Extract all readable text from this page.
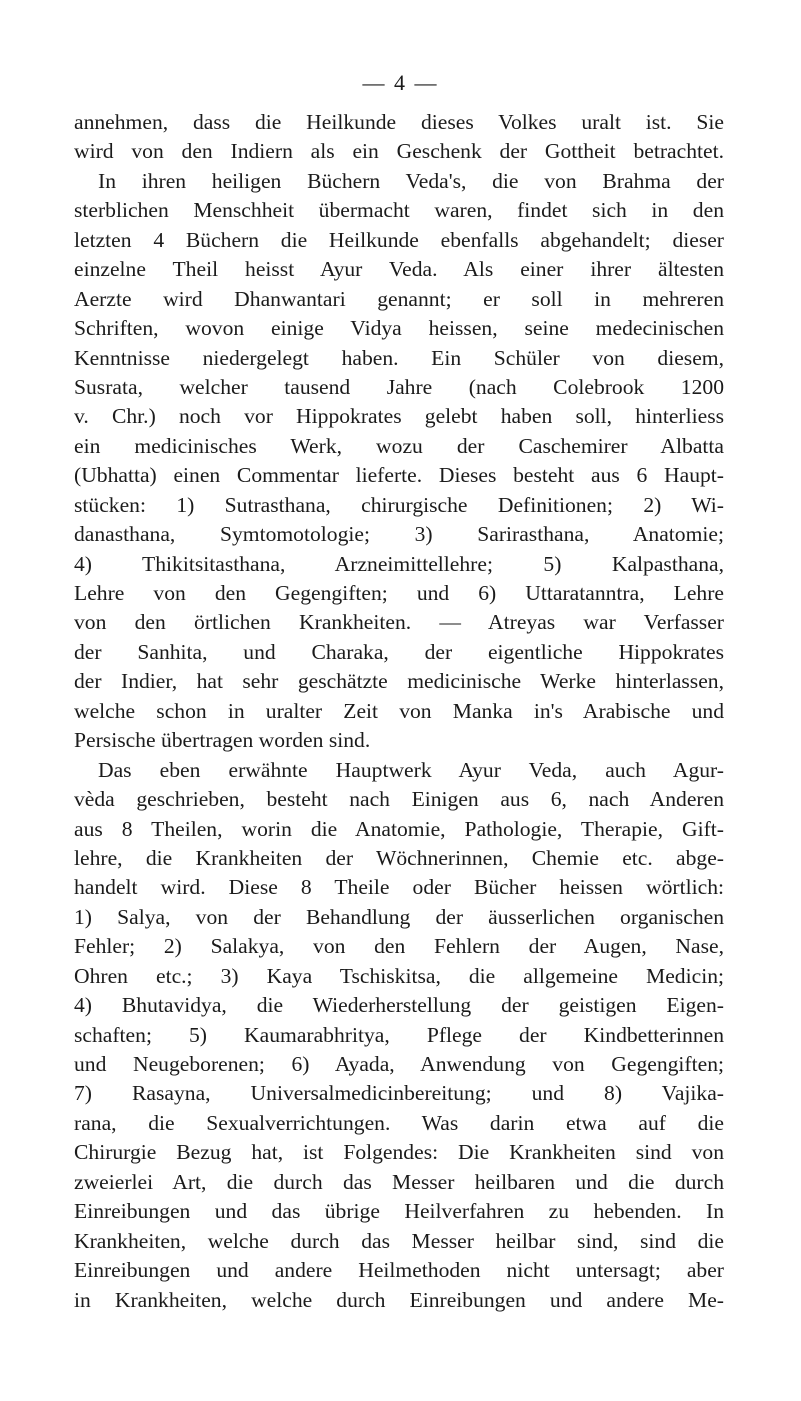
— 4 —
annehmen, dass die Heilkunde dieses Volkes uralt ist. Sie
wird von den Indiern als ein Geschenk der Gottheit betrachtet.
In ihren heiligen Büchern Veda's, die von Brahma der
sterblichen Menschheit übermacht waren, findet sich in den
letzten 4 Büchern die Heilkunde ebenfalls abgehandelt; dieser
einzelne Theil heisst Ayur Veda. Als einer ihrer ältesten
Aerzte wird Dhanwantari genannt; er soll in mehreren
Schriften, wovon einige Vidya heissen, seine medecinischen
Kenntnisse niedergelegt haben. Ein Schüler von diesem,
Susrata, welcher tausend Jahre (nach Colebrook 1200
v. Chr.) noch vor Hippokrates gelebt haben soll, hinterliess
ein medicinisches Werk, wozu der Caschemirer Albatta
(Ubhatta) einen Commentar lieferte. Dieses besteht aus 6 Haupt-
stücken: 1) Sutrasthana, chirurgische Definitionen; 2) Wi-
danasthana, Symtomotologie; 3) Sarirasthana, Anatomie;
4) Thikitsitasthana, Arzneimittellehre; 5) Kalpasthana,
Lehre von den Gegengiften; und 6) Uttaratanntra, Lehre
von den örtlichen Krankheiten. — Atreyas war Verfasser
der Sanhita, und Charaka, der eigentliche Hippokrates
der Indier, hat sehr geschätzte medicinische Werke hinterlassen,
welche schon in uralter Zeit von Manka in's Arabische und
Persische übertragen worden sind.
Das eben erwähnte Hauptwerk Ayur Veda, auch Agur-
vèda geschrieben, besteht nach Einigen aus 6, nach Anderen
aus 8 Theilen, worin die Anatomie, Pathologie, Therapie, Gift-
lehre, die Krankheiten der Wöchnerinnen, Chemie etc. abge-
handelt wird. Diese 8 Theile oder Bücher heissen wörtlich:
1) Salya, von der Behandlung der äusserlichen organischen
Fehler; 2) Salakya, von den Fehlern der Augen, Nase,
Ohren etc.; 3) Kaya Tschiskitsa, die allgemeine Medicin;
4) Bhutavidya, die Wiederherstellung der geistigen Eigen-
schaften; 5) Kaumarabhritya, Pflege der Kindbetterinnen
und Neugeborenen; 6) Ayada, Anwendung von Gegengiften;
7) Rasayna, Universalmedicinbereitung; und 8) Vajika-
rana, die Sexualverrichtungen. Was darin etwa auf die
Chirurgie Bezug hat, ist Folgendes: Die Krankheiten sind von
zweierlei Art, die durch das Messer heilbaren und die durch
Einreibungen und das übrige Heilverfahren zu hebenden. In
Krankheiten, welche durch das Messer heilbar sind, sind die
Einreibungen und andere Heilmethoden nicht untersagt; aber
in Krankheiten, welche durch Einreibungen und andere Me-
